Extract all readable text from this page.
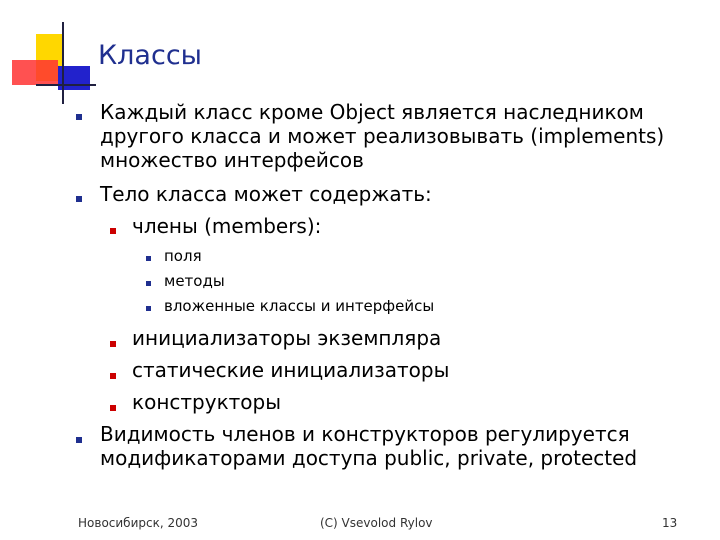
Классы
Каждый класс кроме Object является наследником
другого класса и может реализовывать (implements)
множество интерфейсов
Тело класса может содержать:
члены (members):
поля
методы
вложенные классы и интерфейсы
инициализаторы экземпляра
статические инициализаторы
конструкторы
Видимость членов и конструкторов регулируется
модификаторами доступа public, private, protected
Новосибирск, 2003	(C) Vsevolod Rylov	13
